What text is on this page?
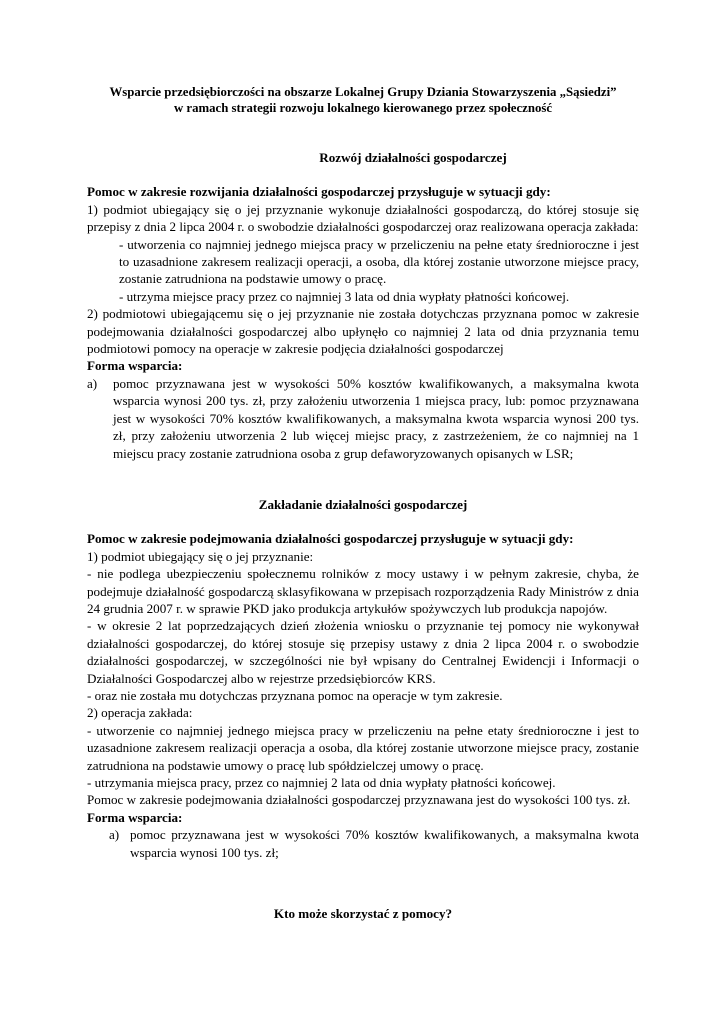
Wsparcie przedsiębiorczości na obszarze Lokalnej Grupy Dziania Stowarzyszenia „Sąsiedzi”

w ramach strategii rozwoju lokalnego kierowanego przez społeczność

Rozwój działalności gospodarczej

Pomoc w zakresie rozwijania działalności gospodarczej przysługuje w sytuacji gdy:

1) podmiot ubiegający się o jej przyznanie wykonuje działalności gospodarczą, do której stosuje się przepisy z dnia 2 lipca 2004 r. o swobodzie działalności gospodarczej oraz realizowana operacja zakłada:

- utworzenia co najmniej jednego miejsca pracy w przeliczeniu na pełne etaty średnioroczne i jest to uzasadnione zakresem realizacji operacji, a osoba, dla której zostanie utworzone miejsce pracy, zostanie zatrudniona na podstawie umowy o pracę.
- utrzyma miejsce pracy przez co najmniej 3 lata od dnia wypłaty płatności końcowej.

2) podmiotowi ubiegającemu się o jej przyznanie nie została dotychczas przyznana pomoc w zakresie podejmowania działalności gospodarczej albo upłynęło co najmniej 2 lata od dnia przyznania temu podmiotowi pomocy na operacje w zakresie podjęcia działalności gospodarczej

Forma wsparcia:

a) pomoc przyznawana jest w wysokości 50% kosztów kwalifikowanych, a maksymalna kwota wsparcia wynosi 200 tys. zł, przy założeniu utworzenia 1 miejsca pracy, lub: pomoc przyznawana jest w wysokości 70% kosztów kwalifikowanych, a maksymalna kwota wsparcia wynosi 200 tys. zł, przy założeniu utworzenia 2 lub więcej miejsc pracy, z zastrzeżeniem, że co najmniej na 1 miejscu pracy zostanie zatrudniona osoba z grup defaworyzowanych opisanych w LSR;

Zakładanie działalności gospodarczej

Pomoc w zakresie podejmowania działalności gospodarczej przysługuje w sytuacji gdy:

1) podmiot ubiegający się o jej przyznanie:

- nie podlega ubezpieczeniu społecznemu rolników z mocy ustawy i w pełnym zakresie, chyba, że podejmuje działalność gospodarczą sklasyfikowana w przepisach rozporządzenia Rady Ministrów z dnia 24 grudnia 2007 r. w sprawie PKD jako produkcja artykułów spożywczych lub produkcja napojów.

- w okresie 2 lat poprzedzających dzień złożenia wniosku o przyznanie tej pomocy nie wykonywał działalności gospodarczej, do której stosuje się przepisy ustawy z dnia 2 lipca 2004 r. o swobodzie działalności gospodarczej, w szczególności nie był wpisany do Centralnej Ewidencji i Informacji o Działalności Gospodarczej albo w rejestrze przedsiębiorców KRS.

- oraz nie została mu dotychczas przyznana pomoc na operacje w tym zakresie.

2) operacja zakłada:

- utworzenie co najmniej jednego miejsca pracy w przeliczeniu na pełne etaty średnioroczne i jest to uzasadnione zakresem realizacji operacja a osoba, dla której zostanie utworzone miejsce pracy, zostanie zatrudniona na podstawie umowy o pracę lub spółdzielczej umowy o pracę.

- utrzymania miejsca pracy, przez co najmniej 2 lata od dnia wypłaty płatności końcowej.

Pomoc w zakresie podejmowania działalności gospodarczej przyznawana jest do wysokości 100 tys. zł.

Forma wsparcia:

a) pomoc przyznawana jest w wysokości 70% kosztów kwalifikowanych, a maksymalna kwota wsparcia wynosi 100 tys. zł;

Kto może skorzystać z pomocy?
